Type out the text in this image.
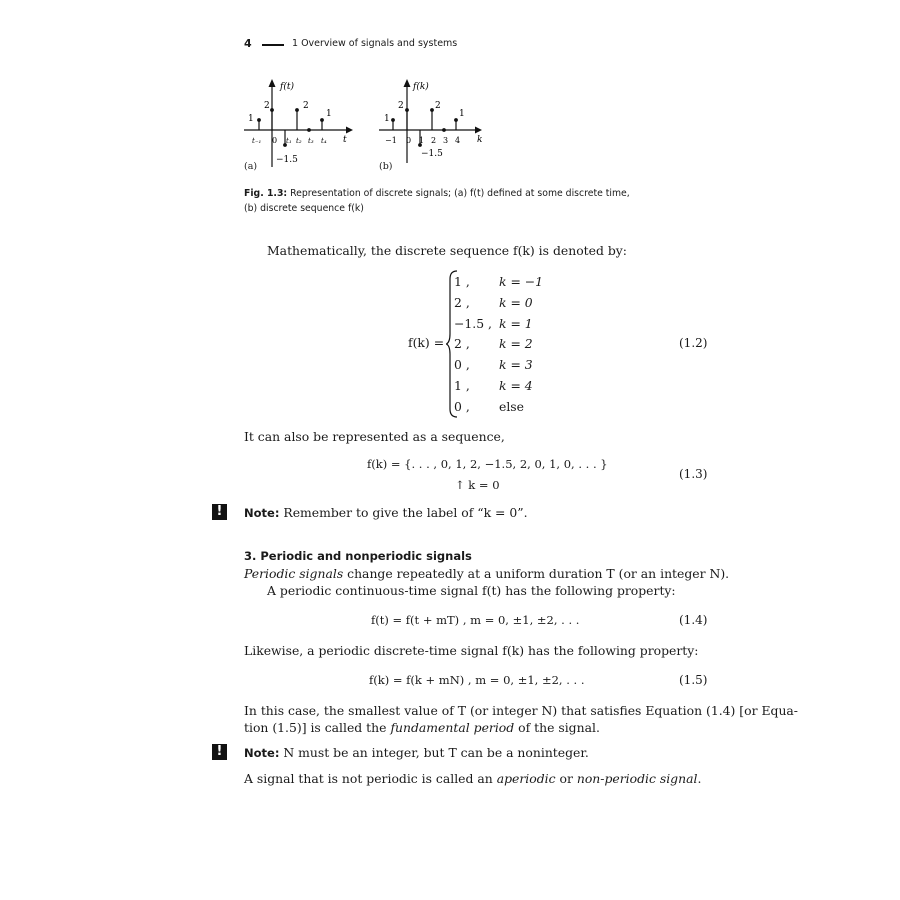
4	1 Overview of signals and systems
f(t)
t
1
2	2
1
−1.5
t₋₁ 0 t₁ t₂ t₃ t₄
(a)
f(k)
k
1
2	2
1
−1.5
−1 0 1 2 3 4
(b)
Fig. 1.3: Representation of discrete signals; (a) f(t) defined at some discrete time,
(b) discrete sequence f(k)
Mathematically, the discrete sequence f(k) is denoted by:
f(k) =
1 , k = −1
2 , k = 0
−1.5 , k = 1
2 , k = 2
0 , k = 3
1 , k = 4
0 , else
(1.2)
It can also be represented as a sequence,
f(k) = {. . . , 0, 1, 2, −1.5, 2, 0, 1, 0, . . . }
↑ k = 0
(1.3)
!	Note: Remember to give the label of “k = 0”.
3. Periodic and nonperiodic signals
Periodic signals change repeatedly at a uniform duration T (or an integer N).
A periodic continuous-time signal f(t) has the following property:
f(t) = f(t + mT) , m = 0, ±1, ±2, . . .	(1.4)
Likewise, a periodic discrete-time signal f(k) has the following property:
f(k) = f(k + mN) , m = 0, ±1, ±2, . . .	(1.5)
In this case, the smallest value of T (or integer N) that satisfies Equation (1.4) [or Equa-
tion (1.5)] is called the fundamental period of the signal.
!	Note: N must be an integer, but T can be a noninteger.
A signal that is not periodic is called an aperiodic or non-periodic signal.
